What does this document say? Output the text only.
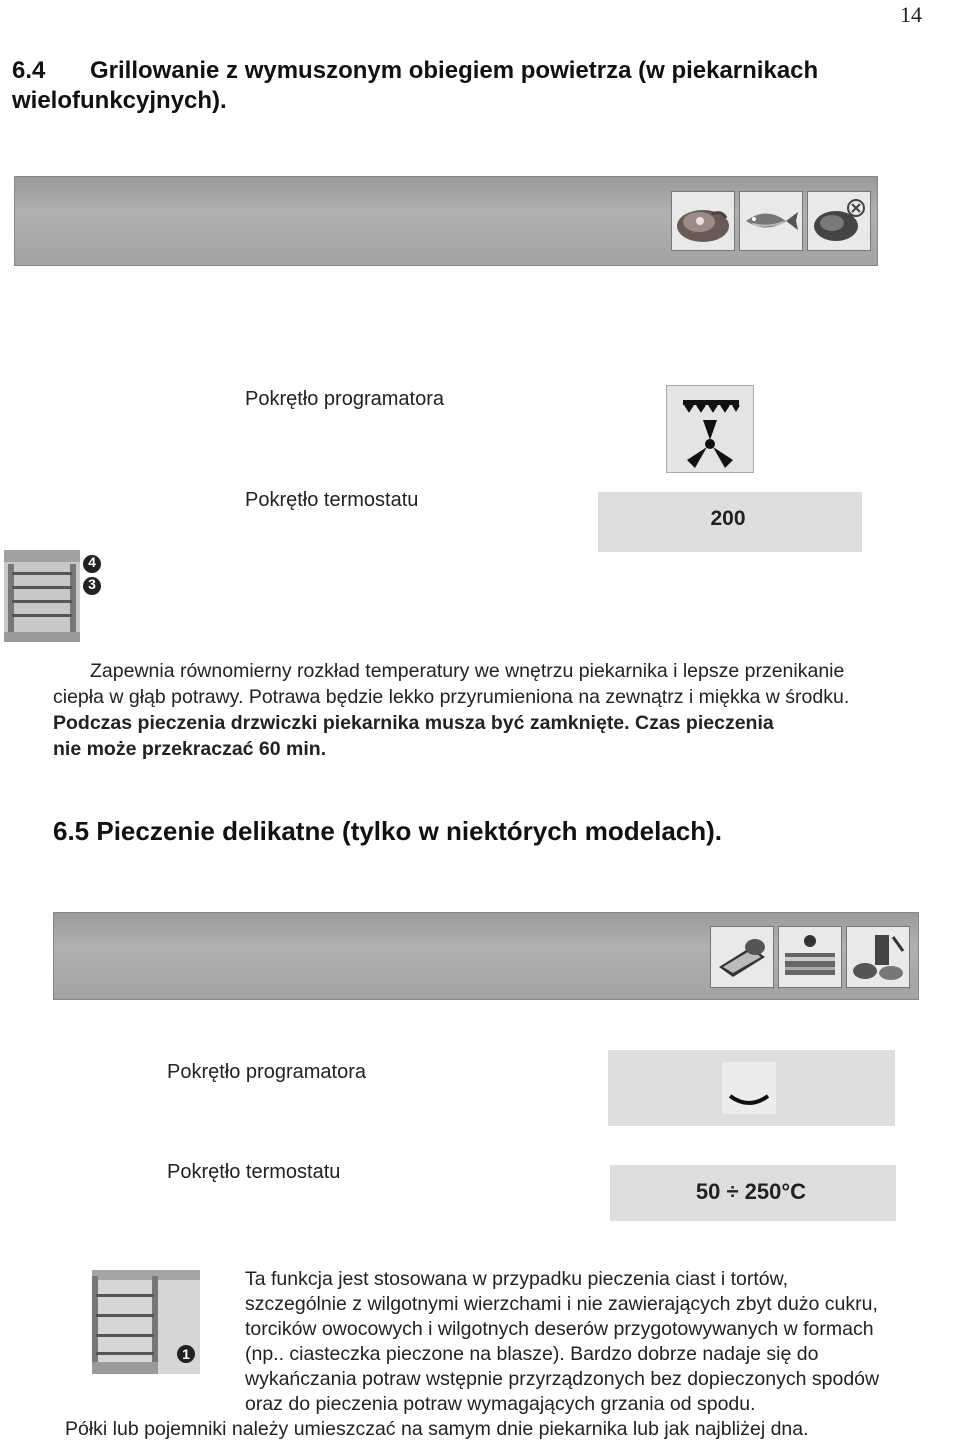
14
6.4 Grillowanie z wymuszonym obiegiem powietrza (w piekarnikach
wielofunkcyjnych).
Pokrętło programatora
Pokrętło termostatu
200
4
3
Zapewnia równomierny rozkład temperatury we wnętrzu piekarnika i lepsze przenikanie
ciepła w głąb potrawy. Potrawa będzie lekko przyrumieniona na zewnątrz i miękka w środku.
Podczas pieczenia drzwiczki piekarnika musza być zamknięte. Czas pieczenia
nie może przekraczać 60 min.
6.5 Pieczenie delikatne (tylko w niektórych modelach).
Pokrętło programatora
Pokrętło termostatu
50 ÷ 250°C
1
Ta funkcja jest stosowana w przypadku pieczenia ciast i tortów,
szczególnie z wilgotnymi wierzchami i nie zawierających zbyt dużo cukru,
torcików owocowych i wilgotnych deserów przygotowywanych w formach
(np.. ciasteczka pieczone na blasze). Bardzo dobrze nadaje się do
wykańczania potraw wstępnie przyrządzonych bez dopieczonych spodów
oraz do pieczenia potraw wymagających grzania od spodu.
Półki lub pojemniki należy umieszczać na samym dnie piekarnika lub jak najbliżej dna.
